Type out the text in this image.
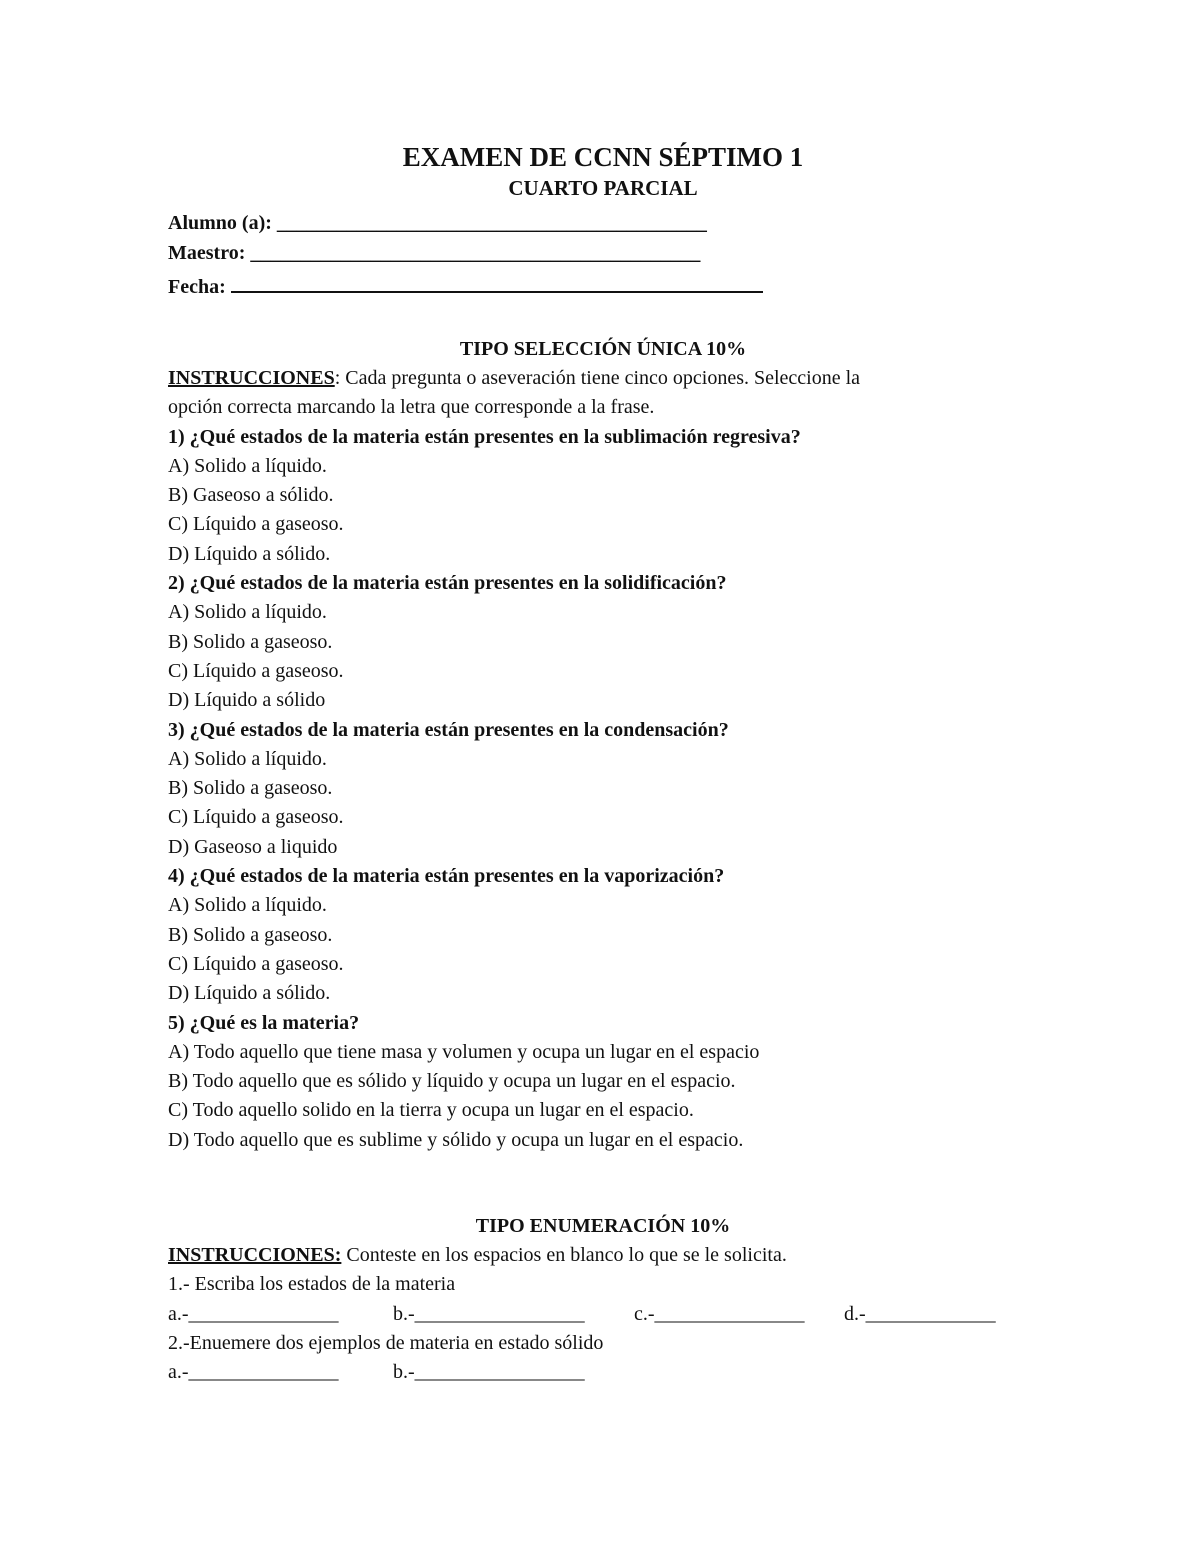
EXAMEN DE CCNN SÉPTIMO 1
CUARTO PARCIAL
Alumno (a): ___________________________________________
Maestro: _____________________________________________
Fecha:
TIPO SELECCIÓN ÚNICA 10%
INSTRUCCIONES: Cada pregunta o aseveración tiene cinco opciones. Seleccione la
opción correcta marcando la letra que corresponde a la frase.
1) ¿Qué estados de la materia están presentes en la sublimación regresiva?
A) Solido a líquido.
B) Gaseoso a sólido.
C) Líquido a gaseoso.
D) Líquido a sólido.
2) ¿Qué estados de la materia están presentes en la solidificación?
A) Solido a líquido.
B) Solido a gaseoso.
C) Líquido a gaseoso.
D) Líquido a sólido
3) ¿Qué estados de la materia están presentes en la condensación?
A) Solido a líquido.
B) Solido a gaseoso.
C) Líquido a gaseoso.
D) Gaseoso a liquido
4) ¿Qué estados de la materia están presentes en la vaporización?
A) Solido a líquido.
B) Solido a gaseoso.
C) Líquido a gaseoso.
D) Líquido a sólido.
5) ¿Qué es la materia?
A) Todo aquello que tiene masa y volumen y ocupa un lugar en el espacio
B) Todo aquello que es sólido y líquido y ocupa un lugar en el espacio.
C) Todo aquello solido en la tierra y ocupa un lugar en el espacio.
D) Todo aquello que es sublime y sólido y ocupa un lugar en el espacio.
TIPO ENUMERACIÓN 10%
INSTRUCCIONES: Conteste en los espacios en blanco lo que se le solicita.
1.- Escriba los estados de la materia
a.-_______________	b.-_________________ c.-_______________ d.-_____________
2.-Enuemere dos ejemplos de materia en estado sólido
a.-_______________	b.-_________________
